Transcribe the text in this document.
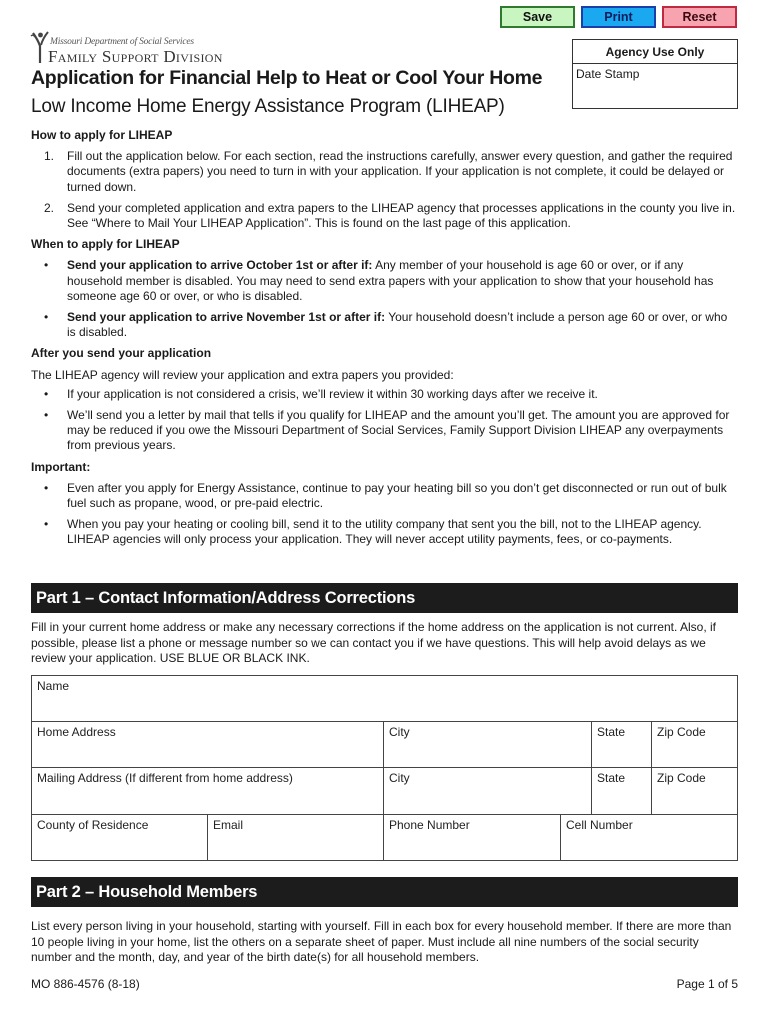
Save	Print	Reset
Missouri Department of Social Services
Family Support Division	Agency Use Only
Date Stamp
Application for Financial Help to Heat or Cool Your Home
Low Income Home Energy Assistance Program (LIHEAP)
How to apply for LIHEAP
1. Fill out the application below. For each section, read the instructions carefully, answer every question, and gather the required documents (extra papers) you need to turn in with your application. If your application is not complete, it could be delayed or turned down.
2. Send your completed application and extra papers to the LIHEAP agency that processes applications in the county you live in. See “Where to Mail Your LIHEAP Application”. This is found on the last page of this application.
When to apply for LIHEAP
• Send your application to arrive October 1st or after if: Any member of your household is age 60 or over, or if any household member is disabled. You may need to send extra papers with your application to show that your household has someone age 60 or over, or who is disabled.
• Send your application to arrive November 1st or after if: Your household doesn’t include a person age 60 or over, or who is disabled.
After you send your application
The LIHEAP agency will review your application and extra papers you provided:
• If your application is not considered a crisis, we’ll review it within 30 working days after we receive it.
• We’ll send you a letter by mail that tells if you qualify for LIHEAP and the amount you’ll get. The amount you are approved for may be reduced if you owe the Missouri Department of Social Services, Family Support Division LIHEAP any overpayments from previous years.
Important:
• Even after you apply for Energy Assistance, continue to pay your heating bill so you don’t get disconnected or run out of bulk fuel such as propane, wood, or pre-paid electric.
• When you pay your heating or cooling bill, send it to the utility company that sent you the bill, not to the LIHEAP agency. LIHEAP agencies will only process your application. They will never accept utility payments, fees, or co-payments.
Part 1 – Contact Information/Address Corrections
Fill in your current home address or make any necessary corrections if the home address on the application is not current. Also, if possible, please list a phone or message number so we can contact you if we have questions. This will help avoid delays as we review your application. USE BLUE OR BLACK INK.
Name
Home Address	City	State	Zip Code
Mailing Address (If different from home address)	City	State	Zip Code
County of Residence	Email	Phone Number	Cell Number
Part 2 – Household Members
List every person living in your household, starting with yourself. Fill in each box for every household member. If there are more than 10 people living in your home, list the others on a separate sheet of paper. Must include all nine numbers of the social security number and the month, day, and year of the birth date(s) for all household members.
MO 886-4576 (8-18)	Page 1 of 5
